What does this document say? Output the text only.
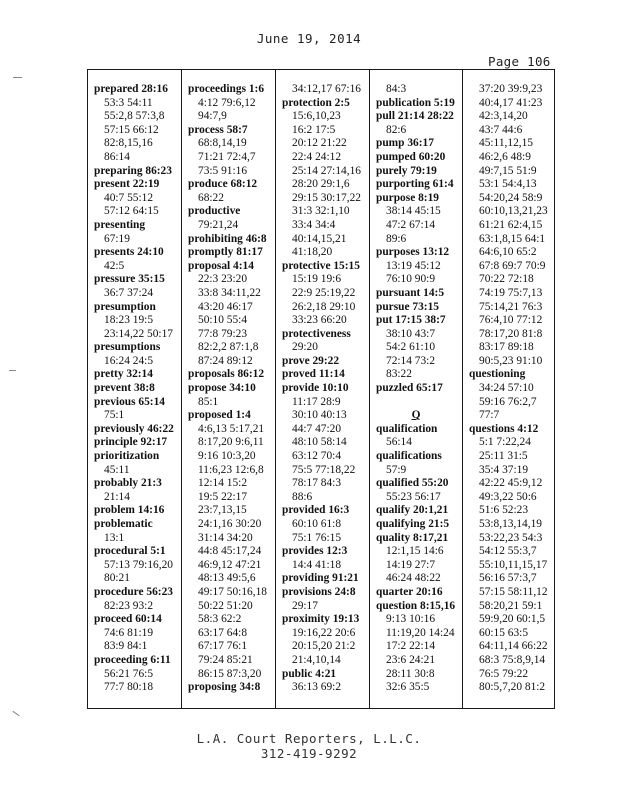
June 19, 2014
Page 106
prepared 28:16
53:3 54:11
55:2,8 57:3,8
57:15 66:12
82:8,15,16
86:14
preparing 86:23
present 22:19
40:7 55:12
57:12 64:15
presenting
67:19
presents 24:10
42:5
pressure 35:15
36:7 37:24
presumption
18:23 19:5
23:14,22 50:17
presumptions
16:24 24:5
pretty 32:14
prevent 38:8
previous 65:14
75:1
previously 46:22
principle 92:17
prioritization
45:11
probably 21:3
21:14
problem 14:16
problematic
13:1
procedural 5:1
57:13 79:16,20
80:21
procedure 56:23
82:23 93:2
proceed 60:14
74:6 81:19
83:9 84:1
proceeding 6:11
56:21 76:5
77:7 80:18
proceedings 1:6
4:12 79:6,12
94:7,9
process 58:7
68:8,14,19
71:21 72:4,7
73:5 91:16
produce 68:12
68:22
productive
79:21,24
prohibiting 46:8
promptly 81:17
proposal 4:14
22:3 23:20
33:8 34:11,22
43:20 46:17
50:10 55:4
77:8 79:23
82:2,2 87:1,8
87:24 89:12
proposals 86:12
propose 34:10
85:1
proposed 1:4
4:6,13 5:17,21
8:17,20 9:6,11
9:16 10:3,20
11:6,23 12:6,8
12:14 15:2
19:5 22:17
23:7,13,15
24:1,16 30:20
31:14 34:20
44:8 45:17,24
46:9,12 47:21
48:13 49:5,6
49:17 50:16,18
50:22 51:20
58:3 62:2
63:17 64:8
67:17 76:1
79:24 85:21
86:15 87:3,20
proposing 34:8
34:12,17 67:16
protection 2:5
15:6,10,23
16:2 17:5
20:12 21:22
22:4 24:12
25:14 27:14,16
28:20 29:1,6
29:15 30:17,22
31:3 32:1,10
33:4 34:4
40:14,15,21
41:18,20
protective 15:15
15:19 19:6
22:9 25:19,22
26:2,18 29:10
33:23 66:20
protectiveness
29:20
prove 29:22
proved 11:14
provide 10:10
11:17 28:9
30:10 40:13
44:7 47:20
48:10 58:14
63:12 70:4
75:5 77:18,22
78:17 84:3
88:6
provided 16:3
60:10 61:8
75:1 76:15
provides 12:3
14:4 41:18
providing 91:21
provisions 24:8
29:17
proximity 19:13
19:16,22 20:6
20:15,20 21:2
21:4,10,14
public 4:21
36:13 69:2
84:3
publication 5:19
pull 21:14 28:22
82:6
pump 36:17
pumped 60:20
purely 79:19
purporting 61:4
purpose 8:19
38:14 45:15
47:2 67:14
89:6
purposes 13:12
13:19 45:12
76:10 90:9
pursuant 14:5
pursue 73:15
put 17:15 38:7
38:10 43:7
54:2 61:10
72:14 73:2
83:22
puzzled 65:17

Q
qualification
56:14
qualifications
57:9
qualified 55:20
55:23 56:17
qualify 20:1,21
qualifying 21:5
quality 8:17,21
12:1,15 14:6
14:19 27:7
46:24 48:22
quarter 20:16
question 8:15,16
9:13 10:16
11:19,20 14:24
17:2 22:14
23:6 24:21
28:11 30:8
32:6 35:5
37:20 39:9,23
40:4,17 41:23
42:3,14,20
43:7 44:6
45:11,12,15
46:2,6 48:9
49:7,15 51:9
53:1 54:4,13
54:20,24 58:9
60:10,13,21,23
61:21 62:4,15
63:1,8,15 64:1
64:6,10 65:2
67:8 69:7 70:9
70:22 72:18
74:19 75:7,13
75:14,21 76:3
76:4,10 77:12
78:17,20 81:8
83:17 89:18
90:5,23 91:10
questioning
34:24 57:10
59:16 76:2,7
77:7
questions 4:12
5:1 7:22,24
25:11 31:5
35:4 37:19
42:22 45:9,12
49:3,22 50:6
51:6 52:23
53:8,13,14,19
53:22,23 54:3
54:12 55:3,7
55:10,11,15,17
56:16 57:3,7
57:15 58:11,12
58:20,21 59:1
59:9,20 60:1,5
60:15 63:5
64:11,14 66:22
68:3 75:8,9,14
76:5 79:22
80:5,7,20 81:2
L.A. Court Reporters, L.L.C.
312-419-9292
